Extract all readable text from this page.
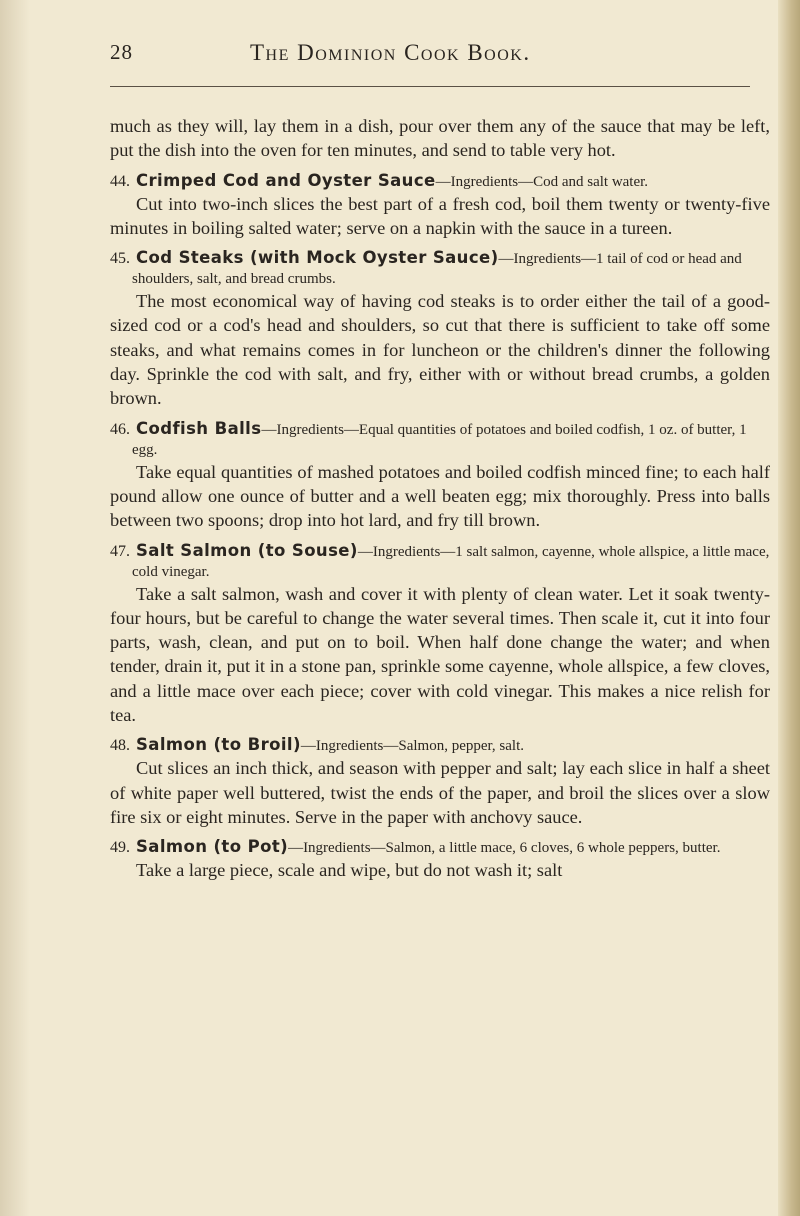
28	The Dominion Cook Book.

much as they will, lay them in a dish, pour over them any of the sauce that may be left, put the dish into the oven for ten minutes, and send to table very hot.

44. Crimped Cod and Oyster Sauce—Ingredients—Cod and salt water.

Cut into two-inch slices the best part of a fresh cod, boil them twenty or twenty-five minutes in boiling salted water; serve on a napkin with the sauce in a tureen.

45. Cod Steaks (with Mock Oyster Sauce)—Ingredients—1 tail of cod or head and shoulders, salt, and bread crumbs.

The most economical way of having cod steaks is to order either the tail of a good-sized cod or a cod's head and shoulders, so cut that there is sufficient to take off some steaks, and what remains comes in for luncheon or the children's dinner the following day. Sprinkle the cod with salt, and fry, either with or without bread crumbs, a golden brown.

46. Codfish Balls—Ingredients—Equal quantities of potatoes and boiled codfish, 1 oz. of butter, 1 egg.

Take equal quantities of mashed potatoes and boiled codfish minced fine; to each half pound allow one ounce of butter and a well beaten egg; mix thoroughly. Press into balls between two spoons; drop into hot lard, and fry till brown.

47. Salt Salmon (to Souse)—Ingredients—1 salt salmon, cayenne, whole allspice, a little mace, cold vinegar.

Take a salt salmon, wash and cover it with plenty of clean water. Let it soak twenty-four hours, but be careful to change the water several times. Then scale it, cut it into four parts, wash, clean, and put on to boil. When half done change the water; and when tender, drain it, put it in a stone pan, sprinkle some cayenne, whole allspice, a few cloves, and a little mace over each piece; cover with cold vinegar. This makes a nice relish for tea.

48. Salmon (to Broil)—Ingredients—Salmon, pepper, salt.

Cut slices an inch thick, and season with pepper and salt; lay each slice in half a sheet of white paper well buttered, twist the ends of the paper, and broil the slices over a slow fire six or eight minutes. Serve in the paper with anchovy sauce.

49. Salmon (to Pot)—Ingredients—Salmon, a little mace, 6 cloves, 6 whole peppers, butter.

Take a large piece, scale and wipe, but do not wash it; salt
